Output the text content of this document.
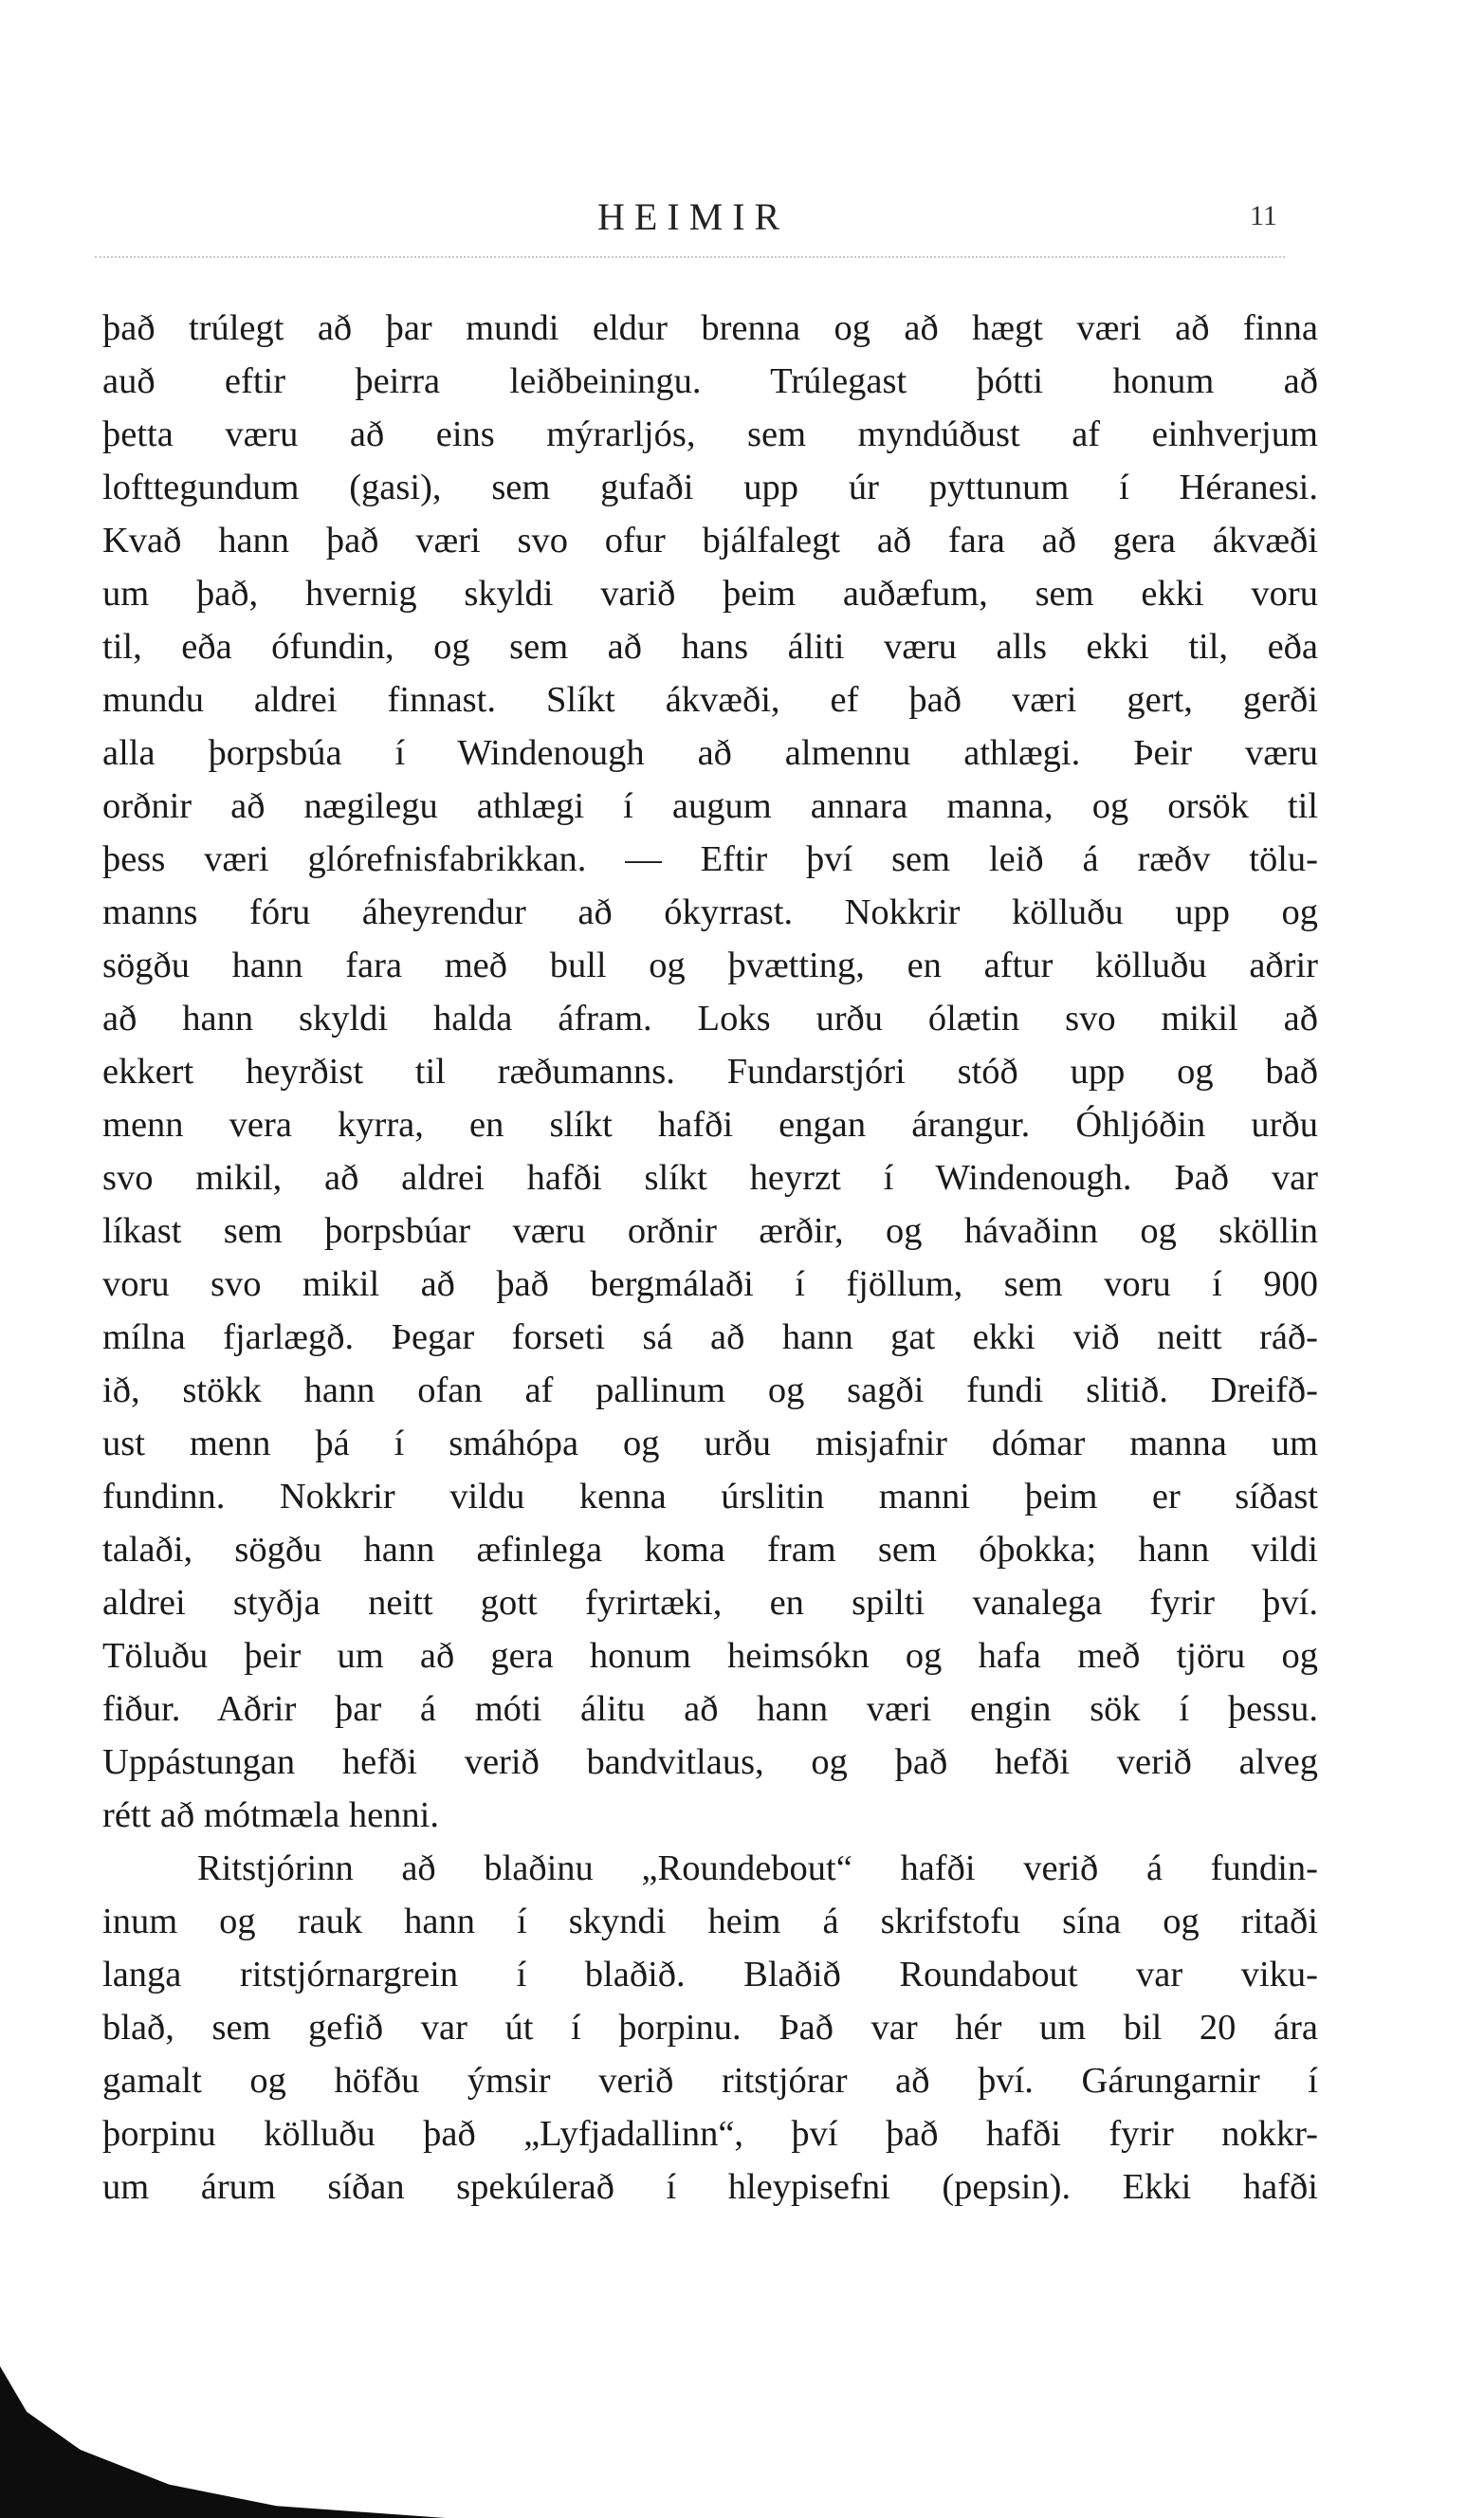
HEIMIR	11
það trúlegt að þar mundi eldur brenna og að hægt væri að finna
auð eftir þeirra leiðbeiningu. Trúlegast þótti honum að
þetta væru að eins mýrarljós, sem myndúðust af einhverjum
lofttegundum (gasi), sem gufaði upp úr pyttunum í Héranesi.
Kvað hann það væri svo ofur bjálfalegt að fara að gera ákvæði
um það, hvernig skyldi varið þeim auðæfum, sem ekki voru
til, eða ófundin, og sem að hans áliti væru alls ekki til, eða
mundu aldrei finnast. Slíkt ákvæði, ef það væri gert, gerði
alla þorpsbúa í Windenough að almennu athlægi. Þeir væru
orðnir að nægilegu athlægi í augum annara manna, og orsök til
þess væri glórefnisfabrikkan. — Eftir því sem leið á ræðv tölu-
manns fóru áheyrendur að ókyrrast. Nokkrir kölluðu upp og
sögðu hann fara með bull og þvætting, en aftur kölluðu aðrir
að hann skyldi halda áfram. Loks urðu ólætin svo mikil að
ekkert heyrðist til ræðumanns. Fundarstjóri stóð upp og bað
menn vera kyrra, en slíkt hafði engan árangur. Óhljóðin urðu
svo mikil, að aldrei hafði slíkt heyrzt í Windenough. Það var
líkast sem þorpsbúar væru orðnir ærðir, og hávaðinn og sköllin
voru svo mikil að það bergmálaði í fjöllum, sem voru í 900
mílna fjarlægð. Þegar forseti sá að hann gat ekki við neitt ráð-
ið, stökk hann ofan af pallinum og sagði fundi slitið. Dreifð-
ust menn þá í smáhópa og urðu misjafnir dómar manna um
fundinn. Nokkrir vildu kenna úrslitin manni þeim er síðast
talaði, sögðu hann æfinlega koma fram sem óþokka; hann vildi
aldrei styðja neitt gott fyrirtæki, en spilti vanalega fyrir því.
Töluðu þeir um að gera honum heimsókn og hafa með tjöru og
fiður. Aðrir þar á móti álitu að hann væri engin sök í þessu.
Uppástungan hefði verið bandvitlaus, og það hefði verið alveg
rétt að mótmæla henni.
Ritstjórinn að blaðinu „Roundebout“ hafði verið á fundin-
inum og rauk hann í skyndi heim á skrifstofu sína og ritaði
langa ritstjórnargrein í blaðið. Blaðið Roundabout var viku-
blað, sem gefið var út í þorpinu. Það var hér um bil 20 ára
gamalt og höfðu ýmsir verið ritstjórar að því. Gárungarnir í
þorpinu kölluðu það „Lyfjadallinn“, því það hafði fyrir nokkr-
um árum síðan spekúlerað í hleypisefni (pepsin). Ekki hafði
